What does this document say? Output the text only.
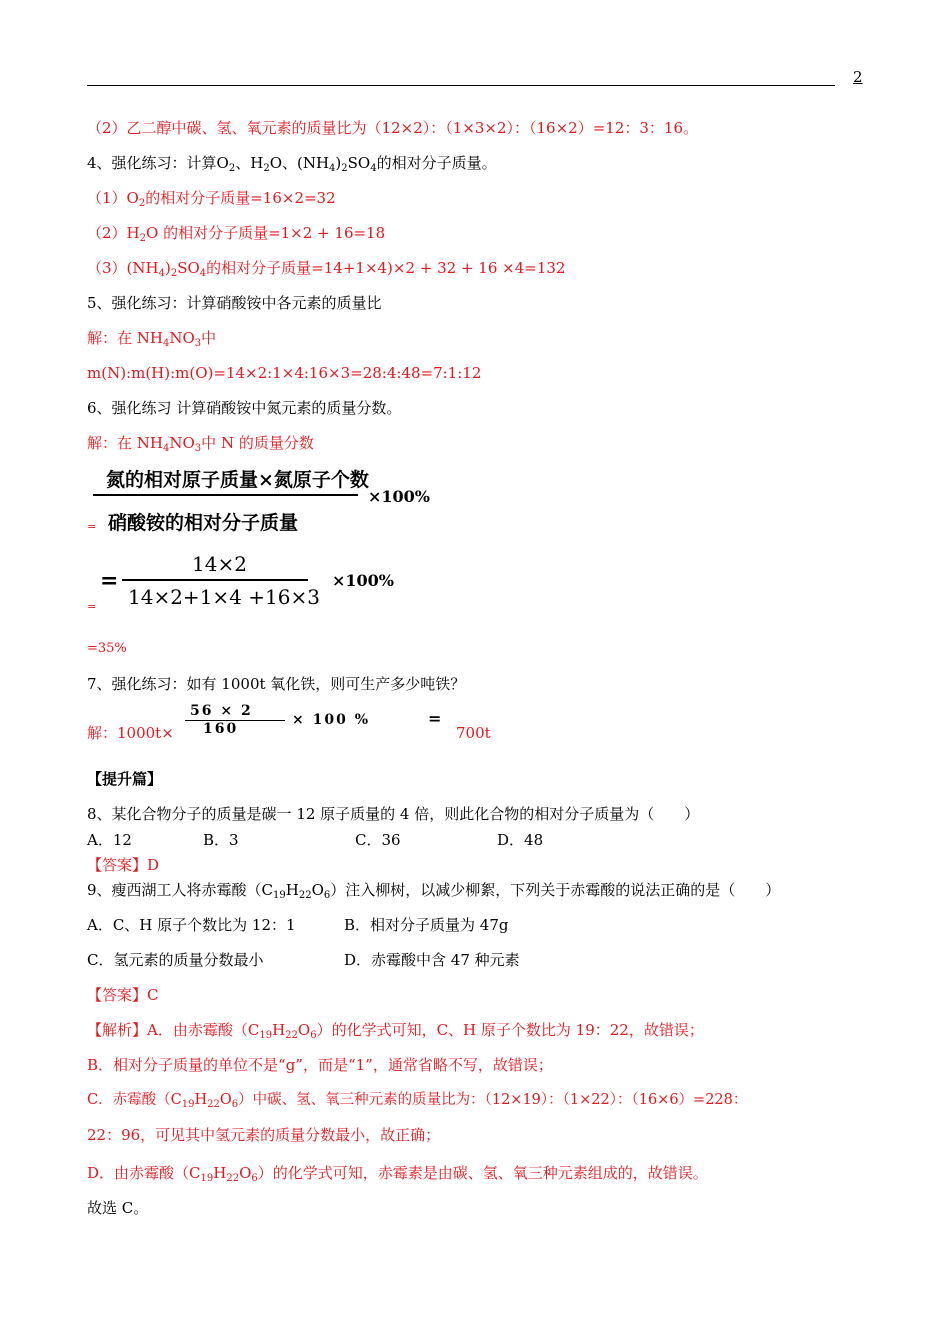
2
（2）乙二醇中碳、氢、氧元素的质量比为（12×2）：（1×3×2）：（16×2）=12：3：16。
4、强化练习：计算$O_2$、$H_2O$、$(NH_4)_2SO_4$的相对分子质量。
$(1)O_2$的相对分子质量=16×2=32
$(2)H_2O$ 的相对分子质量=1×2 + 16=18
$(3)(NH_4)_2SO_4$的相对分子质量=14+1×4)×2 + 32 + 16 ×4=132
5、强化练习：计算硝酸铵中各元素的质量比
解：在 $NH_4NO_3$中
m(N):m(H):m(O)=14×2:1×4:16×3=28:4:48=7:1:12
6、强化练习 计算硝酸铵中氮元素的质量分数。
解：在 $NH_4NO_3$中 N 的质量分数
氮的相对原子质量×氮原子个数
×100%
硝酸铵的相对分子质量
=
14×2
=	×100%
14×2+1×4 +16×3
=
=35%
7、强化练习：如有 1000t 氧化铁，则可生产多少吨铁？
解：1000t×
56 × 2
160
× 100 %	=
700t
【提升篇】
8、某化合物分子的质量是碳一 12 原子质量的 4 倍，则此化合物的相对分子质量为（　　）
A．12	B．3	C．36	D．48
【答案】D
9、瘦西湖工人将赤霉酸$(C_{19}H_{22}O_6)$注入柳树，以减少柳絮，下列关于赤霉酸的说法正确的是（　　）
A．C、H 原子个数比为 12：1	B．相对分子质量为 47g
C．氢元素的质量分数最小	D．赤霉酸中含 47 种元素
【答案】C
【解析】A．由赤霉酸$(C_{19}H_{22}O_6)$的化学式可知，C、H 原子个数比为 19：22，故错误；
B．相对分子质量的单位不是“g”，而是“1”，通常省略不写，故错误；
C．赤霉酸$(C_{19}H_{22}O_6)$中碳、氢、氧三种元素的质量比为：（12×19）：（1×22）：（16×6）=228：
22：96，可见其中氢元素的质量分数最小，故正确；
D．由赤霉酸$(C_{19}H_{22}O_6)$的化学式可知，赤霉素是由碳、氢、氧三种元素组成的，故错误。
故选 C。
